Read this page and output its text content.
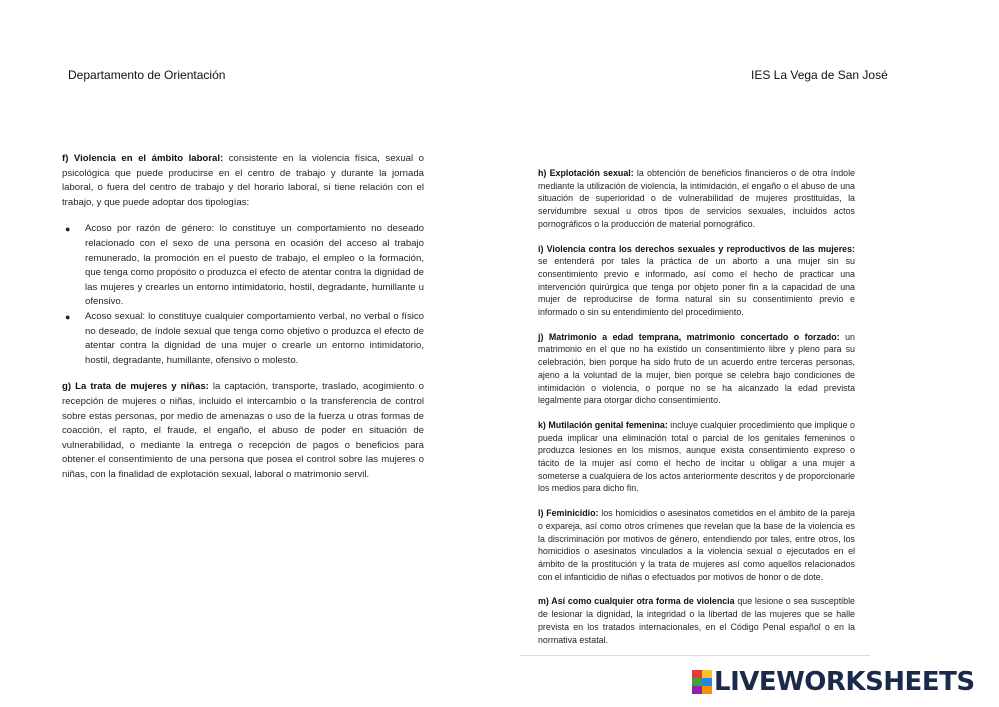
Departamento de Orientación	IES La Vega de San José

f) Violencia en el ámbito laboral: consistente en la violencia física, sexual o psicológica que puede producirse en el centro de trabajo y durante la jornada laboral, o fuera del centro de trabajo y del horario laboral, si tiene relación con el trabajo, y que puede adoptar dos tipologías:

● Acoso por razón de género: lo constituye un comportamiento no deseado relacionado con el sexo de una persona en ocasión del acceso al trabajo remunerado, la promoción en el puesto de trabajo, el empleo o la formación, que tenga como propósito o produzca el efecto de atentar contra la dignidad de las mujeres y crearles un entorno intimidatorio, hostil, degradante, humillante u ofensivo.
● Acoso sexual: lo constituye cualquier comportamiento verbal, no verbal o físico no deseado, de índole sexual que tenga como objetivo o produzca el efecto de atentar contra la dignidad de una mujer o crearle un entorno intimidatorio, hostil, degradante, humillante, ofensivo o molesto.

g) La trata de mujeres y niñas: la captación, transporte, traslado, acogimiento o recepción de mujeres o niñas, incluido el intercambio o la transferencia de control sobre estas personas, por medio de amenazas o uso de la fuerza u otras formas de coacción, el rapto, el fraude, el engaño, el abuso de poder en situación de vulnerabilidad, o mediante la entrega o recepción de pagos o beneficios para obtener el consentimiento de una persona que posea el control sobre las mujeres o niñas, con la finalidad de explotación sexual, laboral o matrimonio servil.

h) Explotación sexual: la obtención de beneficios financieros o de otra índole mediante la utilización de violencia, la intimidación, el engaño o el abuso de una situación de superioridad o de vulnerabilidad de mujeres prostituidas, la servidumbre sexual u otros tipos de servicios sexuales, incluidos actos pornográficos o la producción de material pornográfico.

i) Violencia contra los derechos sexuales y reproductivos de las mujeres: se entenderá por tales la práctica de un aborto a una mujer sin su consentimiento previo e informado, así como el hecho de practicar una intervención quirúrgica que tenga por objeto poner fin a la capacidad de una mujer de reproducirse de forma natural sin su consentimiento previo e informado o sin su entendimiento del procedimiento.

j) Matrimonio a edad temprana, matrimonio concertado o forzado: un matrimonio en el que no ha existido un consentimiento libre y pleno para su celebración, bien porque ha sido fruto de un acuerdo entre terceras personas, ajeno a la voluntad de la mujer, bien porque se celebra bajo condiciones de intimidación o violencia, o porque no se ha alcanzado la edad prevista legalmente para otorgar dicho consentimiento.

k) Mutilación genital femenina: incluye cualquier procedimiento que implique o pueda implicar una eliminación total o parcial de los genitales femeninos o produzca lesiones en los mismos, aunque exista consentimiento expreso o tácito de la mujer así como el hecho de incitar u obligar a una mujer a someterse a cualquiera de los actos anteriormente descritos y de proporcionarle los medios para dicho fin.

l) Feminicidio: los homicidios o asesinatos cometidos en el ámbito de la pareja o expareja, así como otros crímenes que revelan que la base de la violencia es la discriminación por motivos de género, entendiendo por tales, entre otros, los homicidios o asesinatos vinculados a la violencia sexual o ejecutados en el ámbito de la prostitución y la trata de mujeres así como aquellos relacionados con el infanticidio de niñas o efectuados por motivos de honor o de dote.

m) Así como cualquier otra forma de violencia que lesione o sea susceptible de lesionar la dignidad, la integridad o la libertad de las mujeres que se halle prevista en los tratados internacionales, en el Código Penal español o en la normativa estatal.

LIVEWORKSHEETS
